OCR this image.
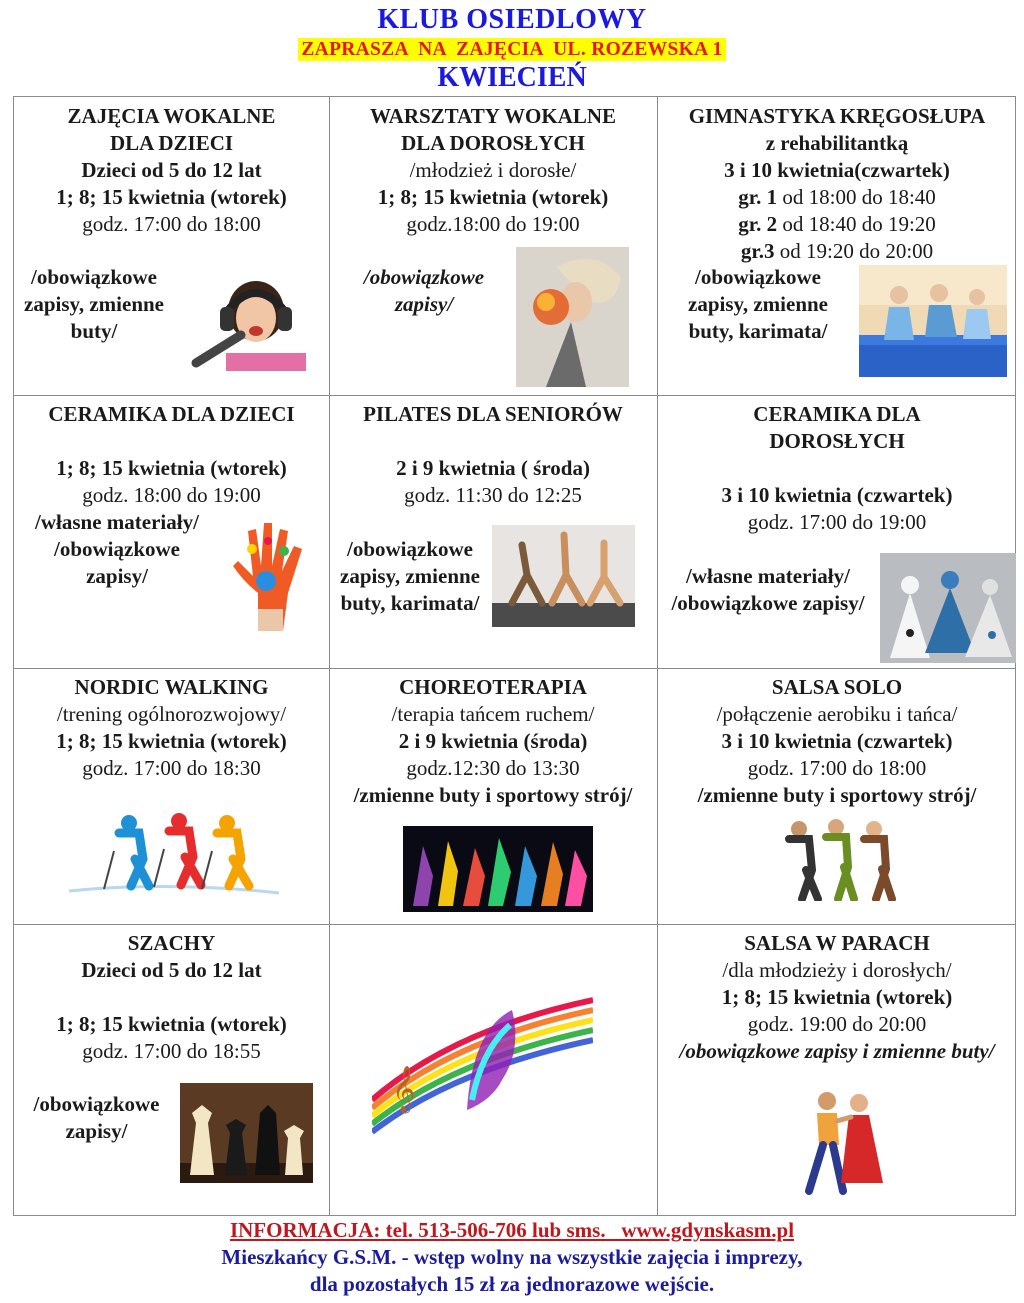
KLUB OSIEDLOWY
ZAPRASZA  NA  ZAJĘCIA  UL. ROZEWSKA 1
KWIECIEŃ
ZAJĘCIA WOKALNE
DLA DZIECI
Dzieci od 5 do 12 lat
1; 8; 15 kwietnia (wtorek)
godz. 17:00 do 18:00
/obowiązkowe
zapisy, zmienne
buty/
WARSZTATY WOKALNE
DLA DOROSŁYCH
/młodzież i dorosłe/
1; 8; 15 kwietnia (wtorek)
godz.18:00 do 19:00
/obowiązkowe
zapisy/
GIMNASTYKA KRĘGOSŁUPA
z rehabilitantką
3 i 10 kwietnia(czwartek)
gr. 1 od 18:00 do 18:40
gr. 2 od 18:40 do 19:20
gr.3 od 19:20 do 20:00
/obowiązkowe
zapisy, zmienne
buty, karimata/
CERAMIKA DLA DZIECI

1; 8; 15 kwietnia (wtorek)
godz. 18:00 do 19:00
/własne materiały/
/obowiązkowe
zapisy/
PILATES DLA SENIORÓW

2 i 9 kwietnia ( środa)
godz. 11:30 do 12:25
/obowiązkowe
zapisy, zmienne
buty, karimata/
CERAMIKA DLA
DOROSŁYCH

3 i 10 kwietnia (czwartek)
godz. 17:00 do 19:00
/własne materiały/
/obowiązkowe zapisy/
NORDIC WALKING
/trening ogólnorozwojowy/
1; 8; 15 kwietnia (wtorek)
godz. 17:00 do 18:30
CHOREOTERAPIA
/terapia tańcem ruchem/
2 i 9 kwietnia (środa)
godz.12:30 do 13:30
/zmienne buty i sportowy strój/
SALSA SOLO
/połączenie aerobiku i tańca/
3 i 10 kwietnia (czwartek)
godz. 17:00 do 18:00
/zmienne buty i sportowy strój/
SZACHY
Dzieci od 5 do 12 lat

1; 8; 15 kwietnia (wtorek)
godz. 17:00 do 18:55
/obowiązkowe
zapisy/
𝄞
SALSA W PARACH
/dla młodzieży i dorosłych/
1; 8; 15 kwietnia (wtorek)
godz. 19:00 do 20:00
/obowiązkowe zapisy i zmienne buty/
INFORMACJA: tel. 513-506-706 lub sms.   www.gdynskasm.pl
Mieszkańcy G.S.M. - wstęp wolny na wszystkie zajęcia i imprezy,
dla pozostałych 15 zł za jednorazowe wejście.
